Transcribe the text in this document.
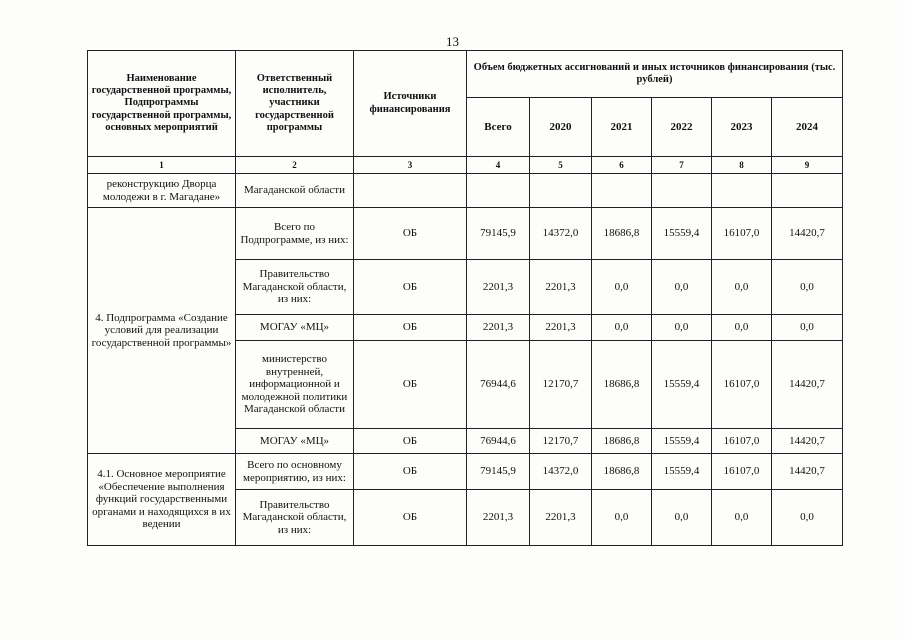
13
Наименование государственной программы, Подпрограммы государственной программы, основных мероприятий	Ответственный исполнитель, участники государственной программы	Источники финансирования	Объем бюджетных ассигнований и иных источников финансирования (тыс. рублей)					
			Всего	2020	2021	2022	2023	2024
1	2	3	4	5	6	7	8	9
реконструкцию Дворца молодежи в г. Магадане»	Магаданской области							
4. Подпрограмма «Создание условий для реализации государственной программы»	Всего по Подпрограмме, из них:	ОБ	79145,9	14372,0	18686,8	15559,4	16107,0	14420,7
	Правительство Магаданской области, из них:	ОБ	2201,3	2201,3	0,0	0,0	0,0	0,0
	МОГАУ «МЦ»	ОБ	2201,3	2201,3	0,0	0,0	0,0	0,0
	министерство внутренней, информационной и молодежной политики Магаданской области	ОБ	76944,6	12170,7	18686,8	15559,4	16107,0	14420,7
	МОГАУ «МЦ»	ОБ	76944,6	12170,7	18686,8	15559,4	16107,0	14420,7
4.1. Основное мероприятие «Обеспечение выполнения функций государственными органами и находящихся в их ведении	Всего по основному мероприятию, из них:	ОБ	79145,9	14372,0	18686,8	15559,4	16107,0	14420,7
	Правительство Магаданской области, из них:	ОБ	2201,3	2201,3	0,0	0,0	0,0	0,0
